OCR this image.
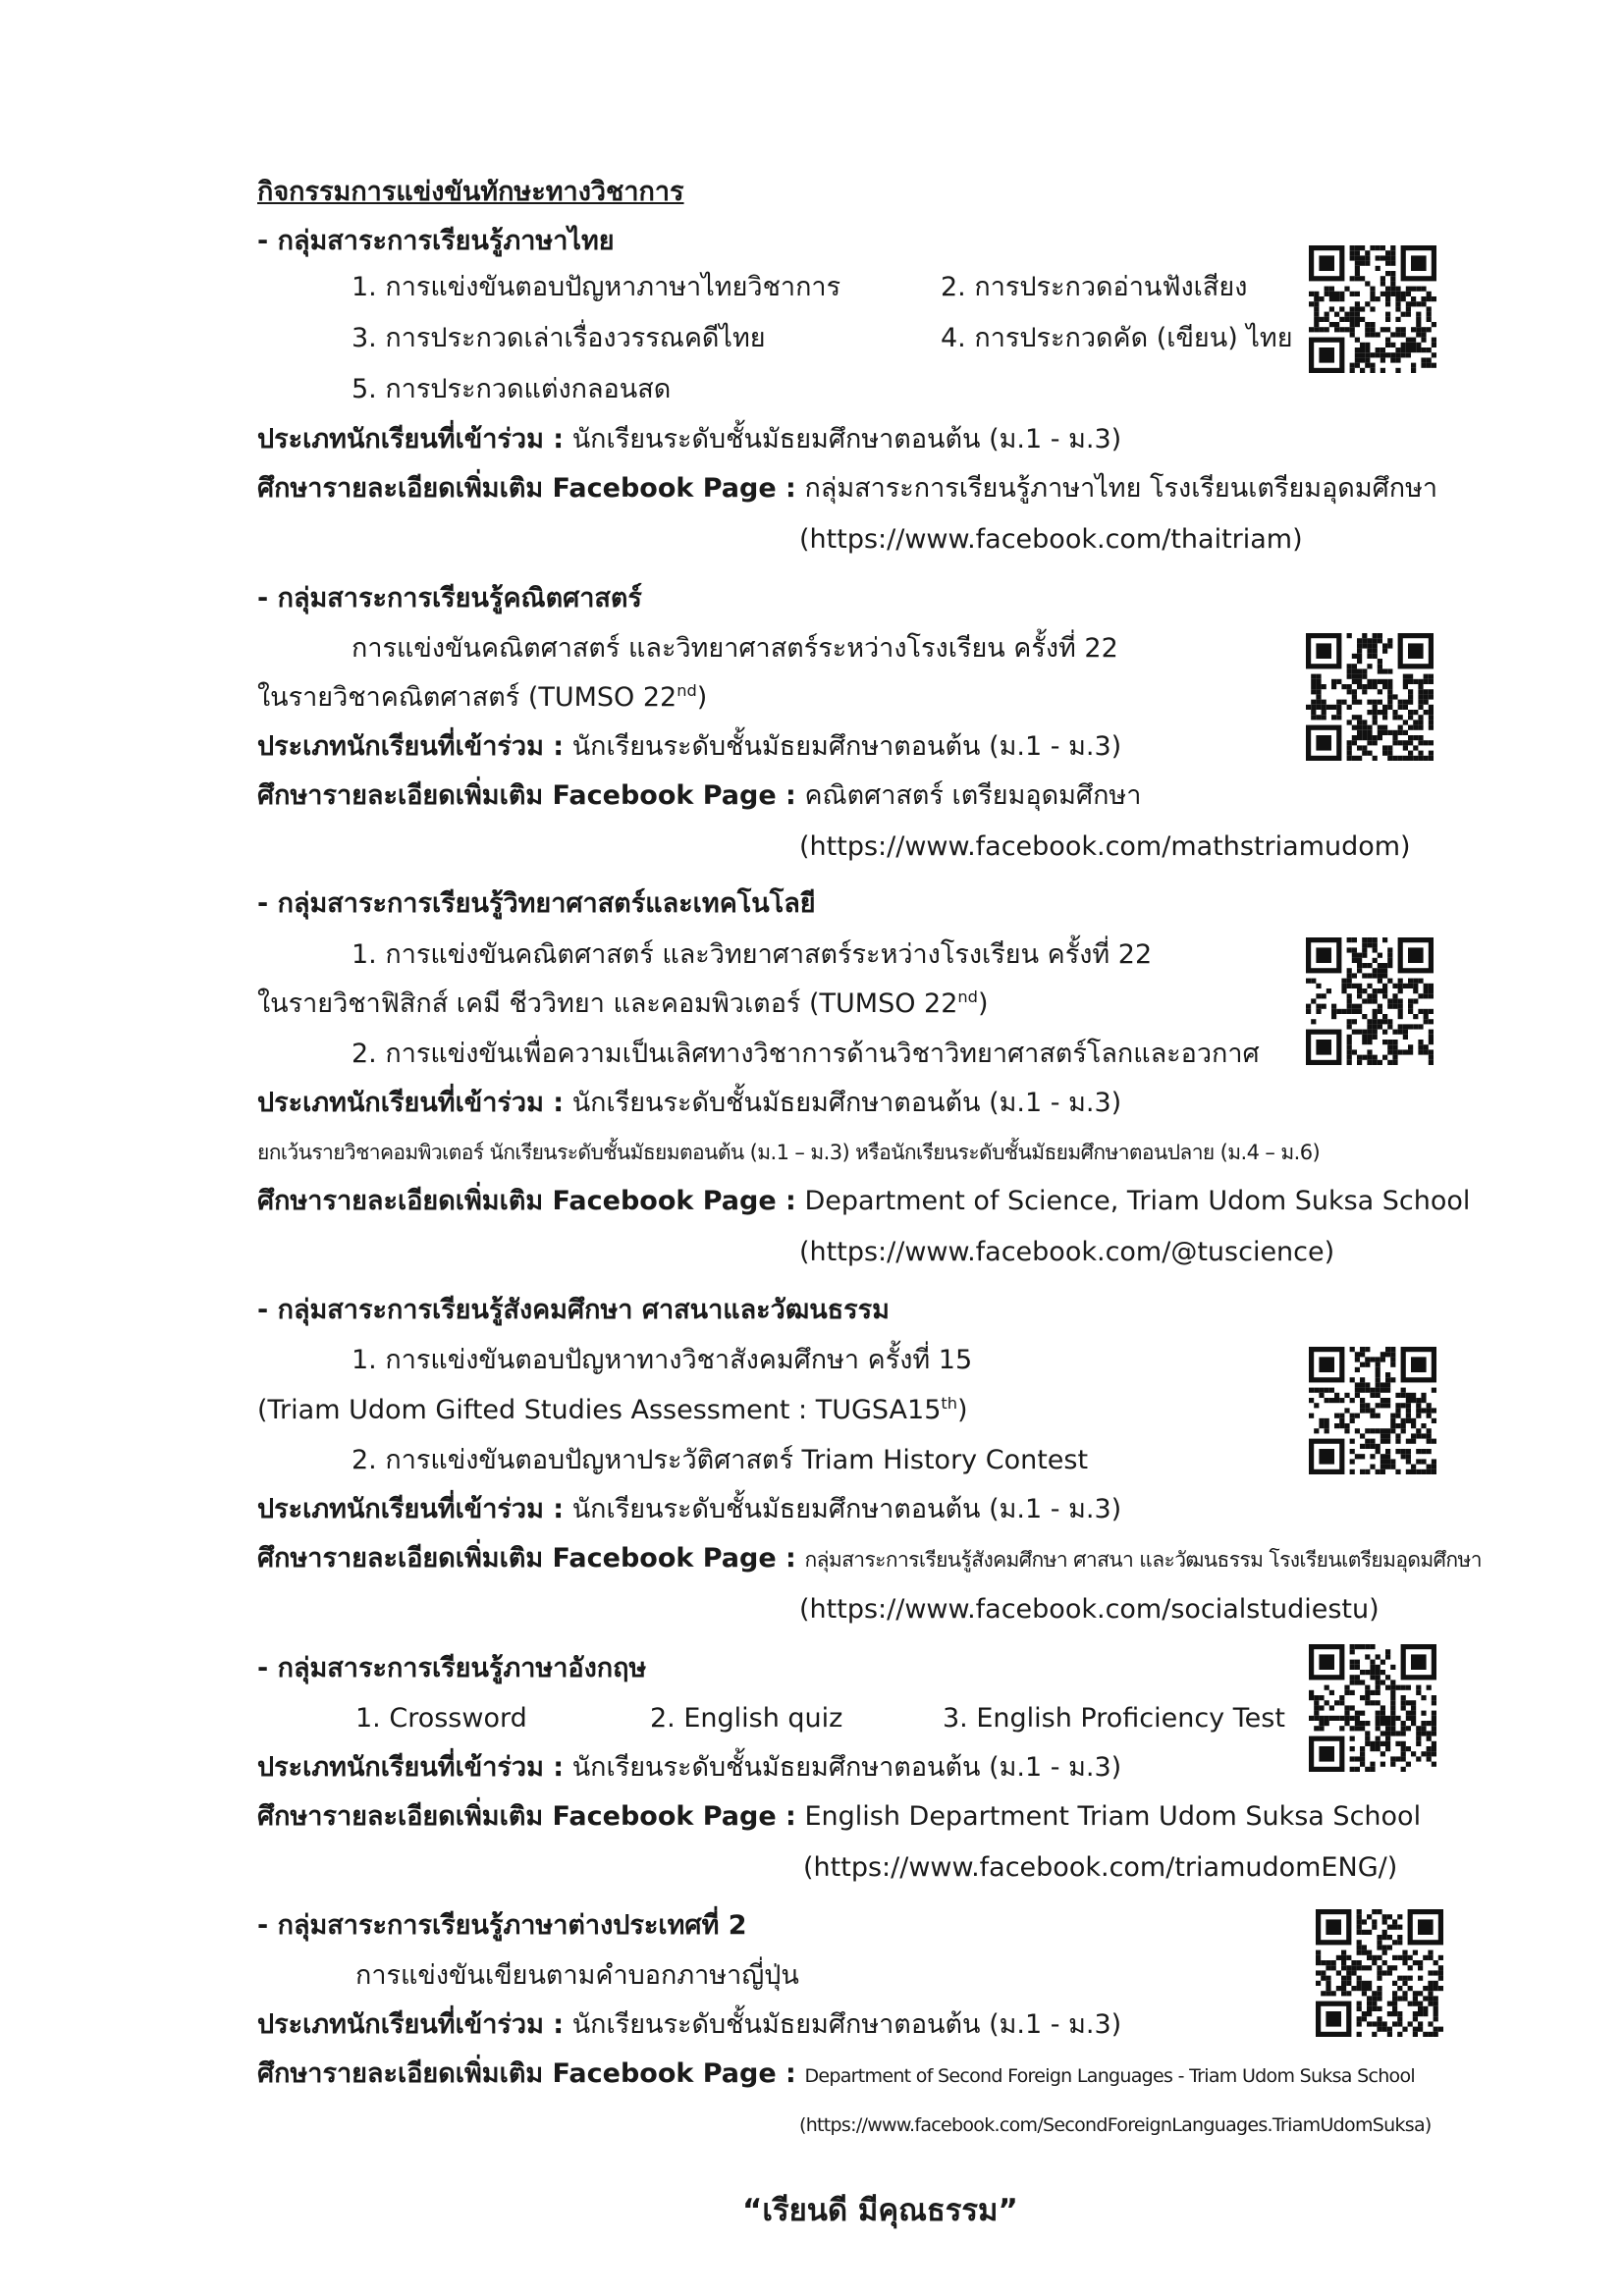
กิจกรรมการแข่งขันทักษะทางวิชาการ
- กลุ่มสาระการเรียนรู้ภาษาไทย
1. การแข่งขันตอบปัญหาภาษาไทยวิชาการ	2. การประกวดอ่านฟังเสียง
3. การประกวดเล่าเรื่องวรรณคดีไทย	4. การประกวดคัด (เขียน) ไทย
5. การประกวดแต่งกลอนสด
ประเภทนักเรียนที่เข้าร่วม : นักเรียนระดับชั้นมัธยมศึกษาตอนต้น (ม.1 - ม.3)
ศึกษารายละเอียดเพิ่มเติม Facebook Page : กลุ่มสาระการเรียนรู้ภาษาไทย โรงเรียนเตรียมอุดมศึกษา
(https://www.facebook.com/thaitriam)
- กลุ่มสาระการเรียนรู้คณิตศาสตร์
การแข่งขันคณิตศาสตร์ และวิทยาศาสตร์ระหว่างโรงเรียน ครั้งที่ 22
ในรายวิชาคณิตศาสตร์ (TUMSO 22nd)
ประเภทนักเรียนที่เข้าร่วม : นักเรียนระดับชั้นมัธยมศึกษาตอนต้น (ม.1 - ม.3)
ศึกษารายละเอียดเพิ่มเติม Facebook Page : คณิตศาสตร์ เตรียมอุดมศึกษา
(https://www.facebook.com/mathstriamudom)
- กลุ่มสาระการเรียนรู้วิทยาศาสตร์และเทคโนโลยี
1. การแข่งขันคณิตศาสตร์ และวิทยาศาสตร์ระหว่างโรงเรียน ครั้งที่ 22
ในรายวิชาฟิสิกส์ เคมี ชีววิทยา และคอมพิวเตอร์ (TUMSO 22nd)
2. การแข่งขันเพื่อความเป็นเลิศทางวิชาการด้านวิชาวิทยาศาสตร์โลกและอวกาศ
ประเภทนักเรียนที่เข้าร่วม : นักเรียนระดับชั้นมัธยมศึกษาตอนต้น (ม.1 - ม.3)
ยกเว้นรายวิชาคอมพิวเตอร์ นักเรียนระดับชั้นมัธยมตอนต้น (ม.1 – ม.3) หรือนักเรียนระดับชั้นมัธยมศึกษาตอนปลาย (ม.4 – ม.6)
ศึกษารายละเอียดเพิ่มเติม Facebook Page : Department of Science, Triam Udom Suksa School
(https://www.facebook.com/@tuscience)
- กลุ่มสาระการเรียนรู้สังคมศึกษา ศาสนาและวัฒนธรรม
1. การแข่งขันตอบปัญหาทางวิชาสังคมศึกษา ครั้งที่ 15
(Triam Udom Gifted Studies Assessment : TUGSA15th)
2. การแข่งขันตอบปัญหาประวัติศาสตร์ Triam History Contest
ประเภทนักเรียนที่เข้าร่วม : นักเรียนระดับชั้นมัธยมศึกษาตอนต้น (ม.1 - ม.3)
ศึกษารายละเอียดเพิ่มเติม Facebook Page : กลุ่มสาระการเรียนรู้สังคมศึกษา ศาสนา และวัฒนธรรม โรงเรียนเตรียมอุดมศึกษา
(https://www.facebook.com/socialstudiestu)
- กลุ่มสาระการเรียนรู้ภาษาอังกฤษ
1. Crossword	2. English quiz	3. English Proficiency Test
ประเภทนักเรียนที่เข้าร่วม : นักเรียนระดับชั้นมัธยมศึกษาตอนต้น (ม.1 - ม.3)
ศึกษารายละเอียดเพิ่มเติม Facebook Page : English Department Triam Udom Suksa School
(https://www.facebook.com/triamudomENG/)
- กลุ่มสาระการเรียนรู้ภาษาต่างประเทศที่ 2
การแข่งขันเขียนตามคำบอกภาษาญี่ปุ่น
ประเภทนักเรียนที่เข้าร่วม : นักเรียนระดับชั้นมัธยมศึกษาตอนต้น (ม.1 - ม.3)
ศึกษารายละเอียดเพิ่มเติม Facebook Page : Department of Second Foreign Languages - Triam Udom Suksa School
(https://www.facebook.com/SecondForeignLanguages.TriamUdomSuksa)
“เรียนดี มีคุณธรรม”
